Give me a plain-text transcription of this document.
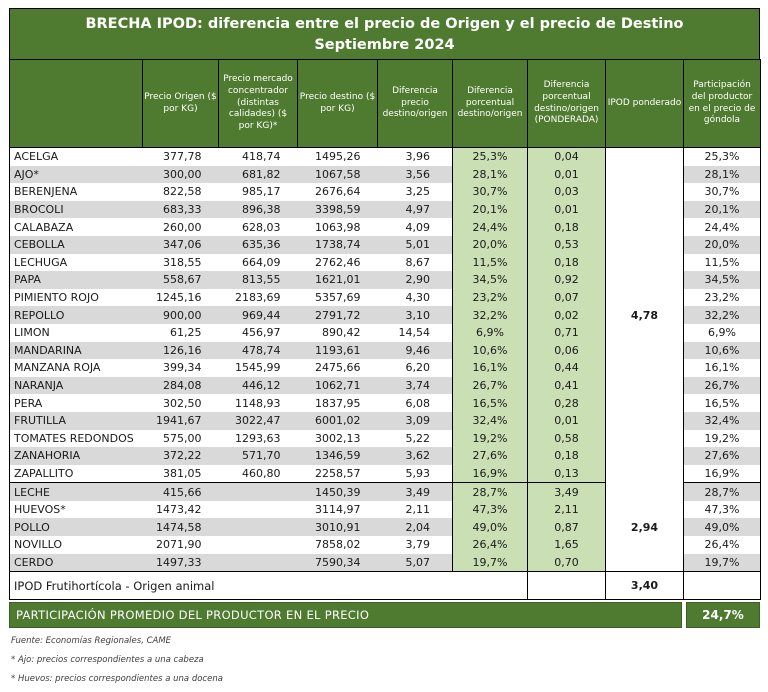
BRECHA IPOD: diferencia entre el precio de Origen y el precio de Destino
Septiembre 2024
	Precio Origen ($ por KG)	Precio mercado concentrador (distintas calidades) ($ por KG)*	Precio destino ($ por KG)	Diferencia precio destino/origen	Diferencia porcentual destino/origen	Diferencia porcentual destino/origen (PONDERADA)	IPOD ponderado	Participación del productor en el precio de góndola
ACELGA	377,78	418,74	1495,26	3,96	25,3%	0,04	4,78	25,3%
AJO*	300,00	681,82	1067,58	3,56	28,1%	0,01		28,1%
BERENJENA	822,58	985,17	2676,64	3,25	30,7%	0,03		30,7%
BROCOLI	683,33	896,38	3398,59	4,97	20,1%	0,01		20,1%
CALABAZA	260,00	628,03	1063,98	4,09	24,4%	0,18		24,4%
CEBOLLA	347,06	635,36	1738,74	5,01	20,0%	0,53		20,0%
LECHUGA	318,55	664,09	2762,46	8,67	11,5%	0,18		11,5%
PAPA	558,67	813,55	1621,01	2,90	34,5%	0,92		34,5%
PIMIENTO ROJO	1245,16	2183,69	5357,69	4,30	23,2%	0,07		23,2%
REPOLLO	900,00	969,44	2791,72	3,10	32,2%	0,02		32,2%
LIMON	61,25	456,97	890,42	14,54	6,9%	0,71		6,9%
MANDARINA	126,16	478,74	1193,61	9,46	10,6%	0,06		10,6%
MANZANA ROJA	399,34	1545,99	2475,66	6,20	16,1%	0,44		16,1%
NARANJA	284,08	446,12	1062,71	3,74	26,7%	0,41		26,7%
PERA	302,50	1148,93	1837,95	6,08	16,5%	0,28		16,5%
FRUTILLA	1941,67	3022,47	6001,02	3,09	32,4%	0,01		32,4%
TOMATES REDONDOS	575,00	1293,63	3002,13	5,22	19,2%	0,58		19,2%
ZANAHORIA	372,22	571,70	1346,59	3,62	27,6%	0,18		27,6%
ZAPALLITO	381,05	460,80	2258,57	5,93	16,9%	0,13		16,9%
LECHE	415,66		1450,39	3,49	28,7%	3,49	2,94	28,7%
HUEVOS*	1473,42		3114,97	2,11	47,3%	2,11		47,3%
POLLO	1474,58		3010,91	2,04	49,0%	0,87		49,0%
NOVILLO	2071,90		7858,02	3,79	26,4%	1,65		26,4%
CERDO	1497,33		7590,34	5,07	19,7%	0,70		19,7%
IPOD Frutihortícola - Origen animal							3,40	
PARTICIPACIÓN PROMEDIO DEL PRODUCTOR EN EL PRECIO	24,7%
Fuente: Economías Regionales, CAME
* Ajo: precios correspondientes a una cabeza
* Huevos: precios correspondientes a una docena
